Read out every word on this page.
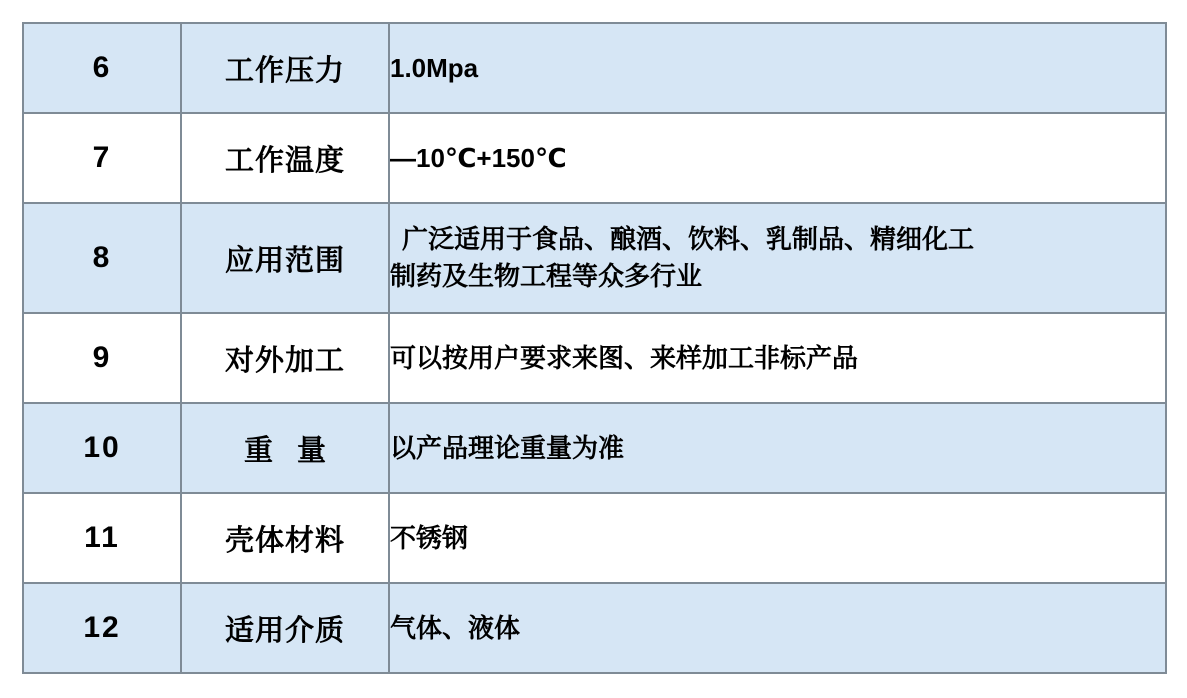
6	工作压力	1.0Mpa

7	工作温度	—10℃+150℃

8	应用范围	广泛适用于食品、酿酒、饮料、乳制品、精细化工
制药及生物工程等众多行业

9	对外加工	可以按用户要求来图、来样加工非标产品

10	重 量	以产品理论重量为准

11	壳体材料	不锈钢

12	适用介质	气体、液体
